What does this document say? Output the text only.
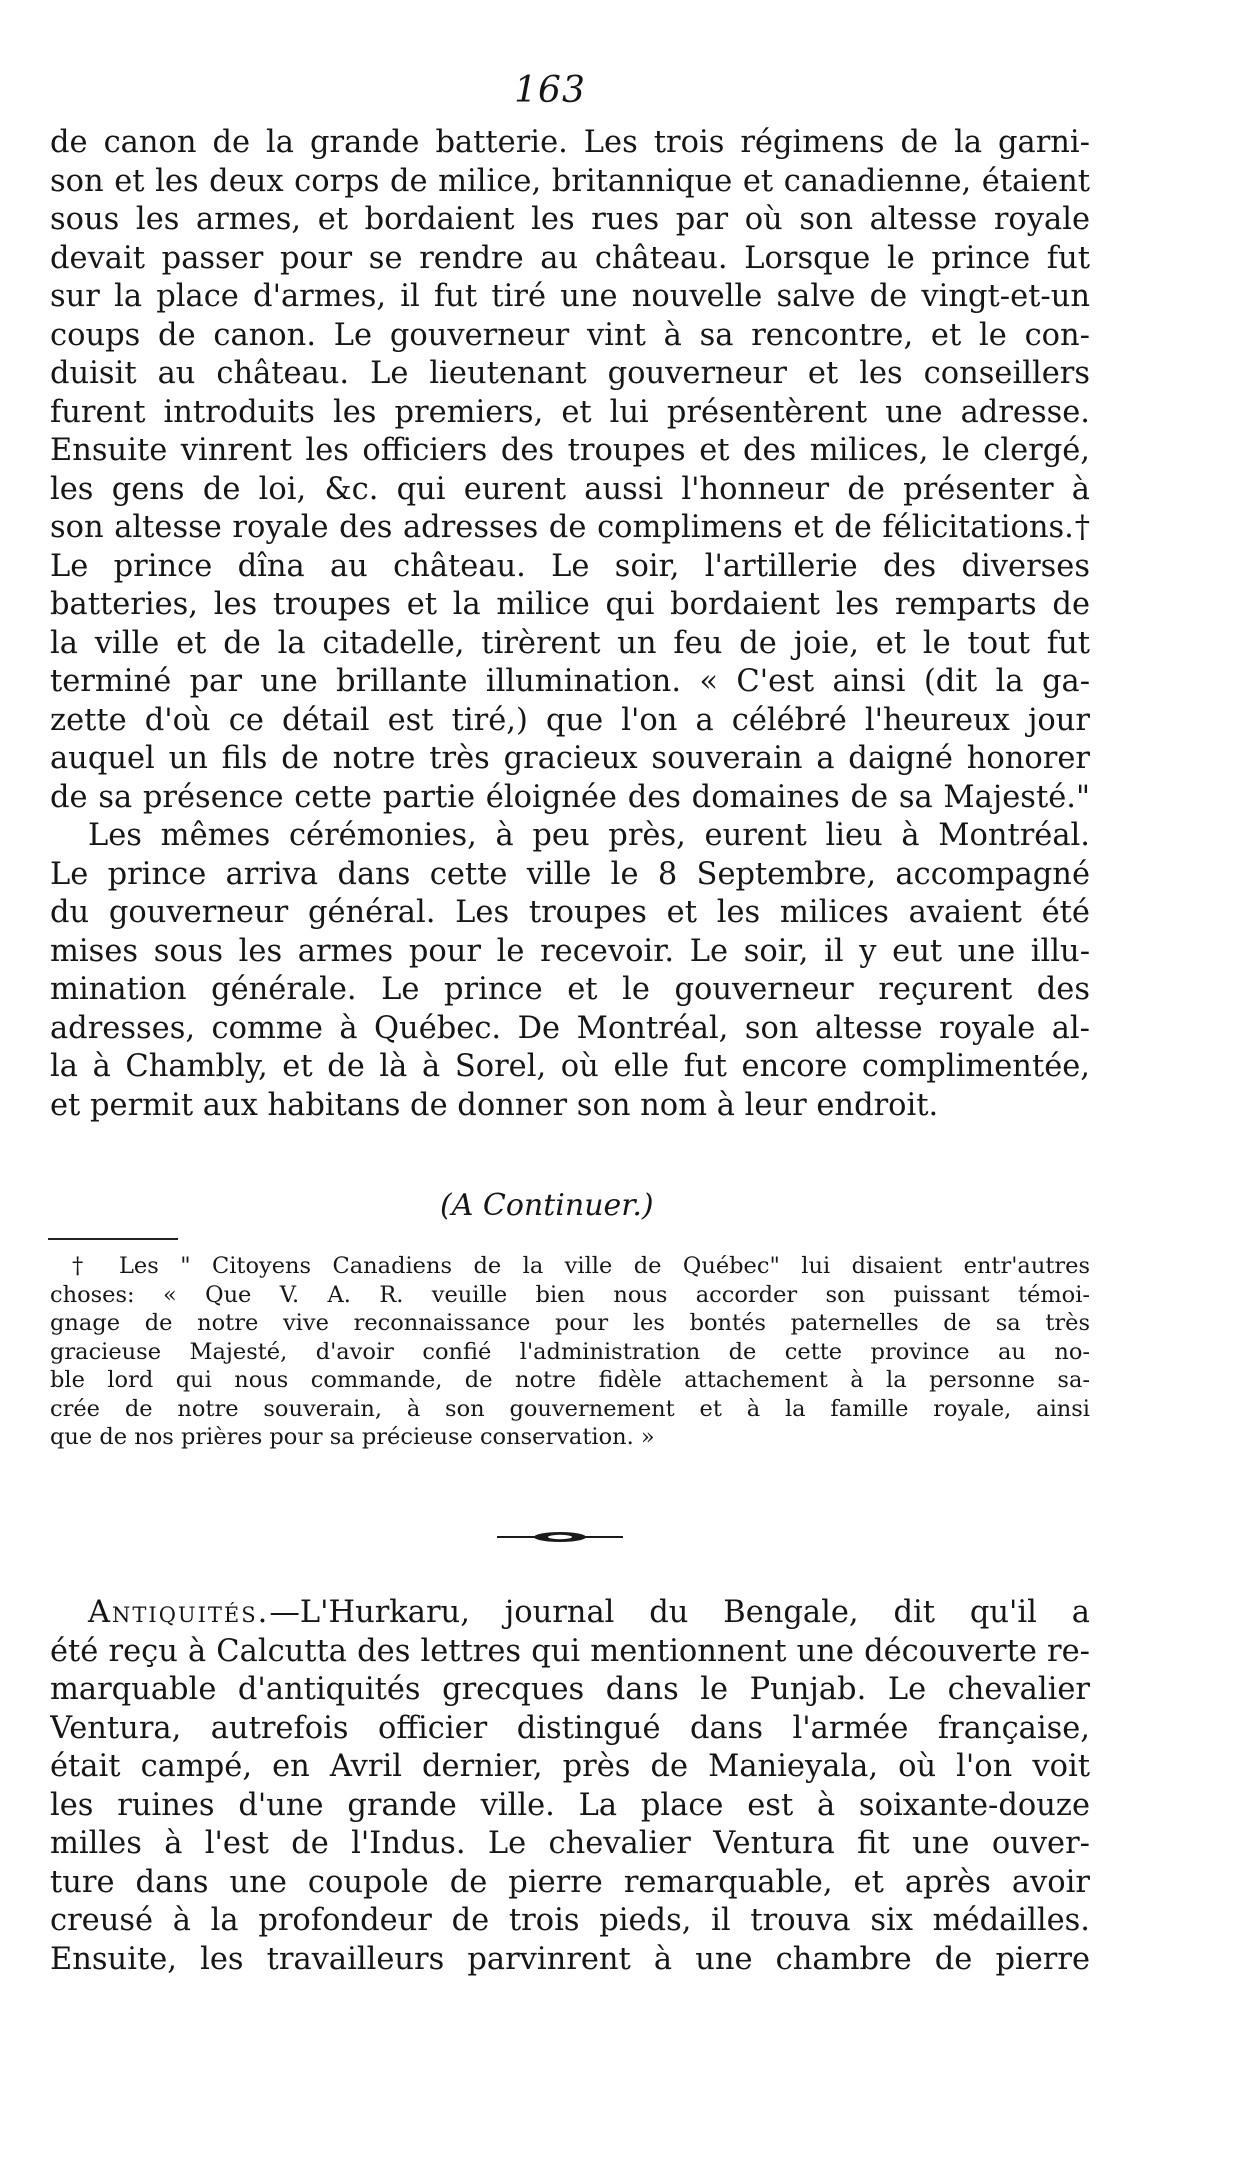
163
de canon de la grande batterie. Les trois régimens de la garni-
son et les deux corps de milice, britannique et canadienne, étaient
sous les armes, et bordaient les rues par où son altesse royale
devait passer pour se rendre au château. Lorsque le prince fut
sur la place d'armes, il fut tiré une nouvelle salve de vingt-et-un
coups de canon. Le gouverneur vint à sa rencontre, et le con-
duisit au château. Le lieutenant gouverneur et les conseillers
furent introduits les premiers, et lui présentèrent une adresse.
Ensuite vinrent les officiers des troupes et des milices, le clergé,
les gens de loi, &c. qui eurent aussi l'honneur de présenter à
son altesse royale des adresses de complimens et de félicitations.†
Le prince dîna au château. Le soir, l'artillerie des diverses
batteries, les troupes et la milice qui bordaient les remparts de
la ville et de la citadelle, tirèrent un feu de joie, et le tout fut
terminé par une brillante illumination. « C'est ainsi (dit la ga-
zette d'où ce détail est tiré,) que l'on a célébré l'heureux jour
auquel un fils de notre très gracieux souverain a daigné honorer
de sa présence cette partie éloignée des domaines de sa Majesté."
Les mêmes cérémonies, à peu près, eurent lieu à Montréal.
Le prince arriva dans cette ville le 8 Septembre, accompagné
du gouverneur général. Les troupes et les milices avaient été
mises sous les armes pour le recevoir. Le soir, il y eut une illu-
mination générale. Le prince et le gouverneur reçurent des
adresses, comme à Québec. De Montréal, son altesse royale al-
la à Chambly, et de là à Sorel, où elle fut encore complimentée,
et permit aux habitans de donner son nom à leur endroit.
(A Continuer.)
† Les " Citoyens Canadiens de la ville de Québec" lui disaient entr'autres
choses: « Que V. A. R. veuille bien nous accorder son puissant témoi-
gnage de notre vive reconnaissance pour les bontés paternelles de sa très
gracieuse Majesté, d'avoir confié l'administration de cette province au no-
ble lord qui nous commande, de notre fidèle attachement à la personne sa-
crée de notre souverain, à son gouvernement et à la famille royale, ainsi
que de nos prières pour sa précieuse conservation. »
Antiquités.—L'Hurkaru, journal du Bengale, dit qu'il a
été reçu à Calcutta des lettres qui mentionnent une découverte re-
marquable d'antiquités grecques dans le Punjab. Le chevalier
Ventura, autrefois officier distingué dans l'armée française,
était campé, en Avril dernier, près de Manieyala, où l'on voit
les ruines d'une grande ville. La place est à soixante-douze
milles à l'est de l'Indus. Le chevalier Ventura fit une ouver-
ture dans une coupole de pierre remarquable, et après avoir
creusé à la profondeur de trois pieds, il trouva six médailles.
Ensuite, les travailleurs parvinrent à une chambre de pierre
